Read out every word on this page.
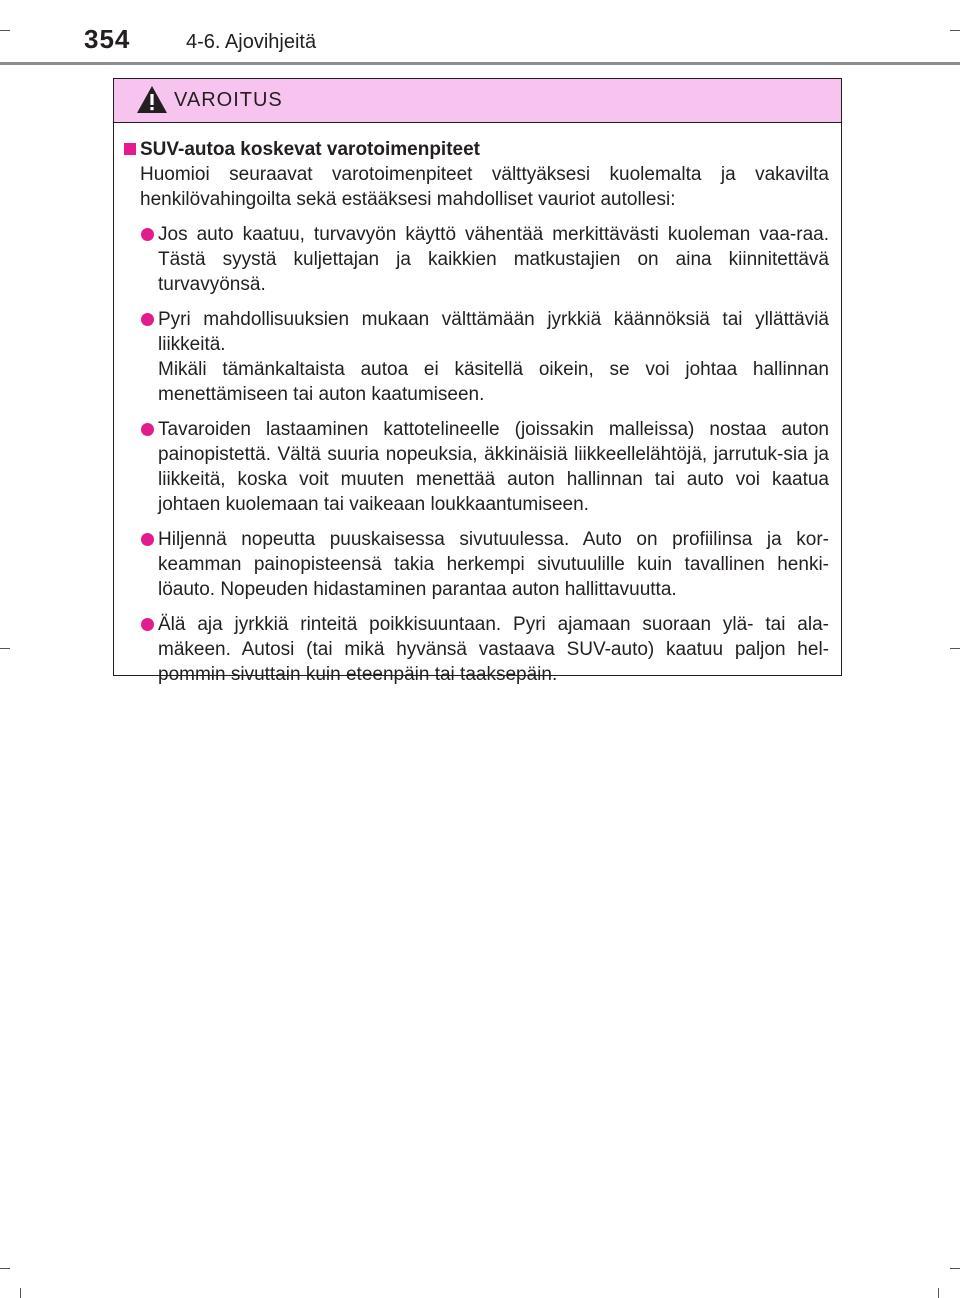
354	4-6. Ajovihjeitä
VAROITUS
SUV-autoa koskevat varotoimenpiteet

Huomioi seuraavat varotoimenpiteet välttyäksesi kuolemalta ja vakavilta henkilövahingoilta sekä estääksesi mahdolliset vauriot autollesi:

Jos auto kaatuu, turvavyön käyttö vähentää merkittävästi kuoleman vaa-raa. Tästä syystä kuljettajan ja kaikkien matkustajien on aina kiinnitettävä turvavyönsä.
Pyri mahdollisuuksien mukaan välttämään jyrkkiä käännöksiä tai yllättäviä liikkeitä.
Mikäli tämänkaltaista autoa ei käsitellä oikein, se voi johtaa hallinnan menettämiseen tai auton kaatumiseen.
Tavaroiden lastaaminen kattotelineelle (joissakin malleissa) nostaa auton painopistettä. Vältä suuria nopeuksia, äkkinäisiä liikkeellelähtöjä, jarrutuk-sia ja liikkeitä, koska voit muuten menettää auton hallinnan tai auto voi kaatua johtaen kuolemaan tai vaikeaan loukkaantumiseen.
Hiljennä nopeutta puuskaisessa sivutuulessa. Auto on profiilinsa ja kor-keamman painopisteensä takia herkempi sivutuulille kuin tavallinen henki-löauto. Nopeuden hidastaminen parantaa auton hallittavuutta.
Älä aja jyrkkiä rinteitä poikkisuuntaan. Pyri ajamaan suoraan ylä- tai ala-mäkeen. Autosi (tai mikä hyvänsä vastaava SUV-auto) kaatuu paljon hel-pommin sivuttain kuin eteenpäin tai taaksepäin.
